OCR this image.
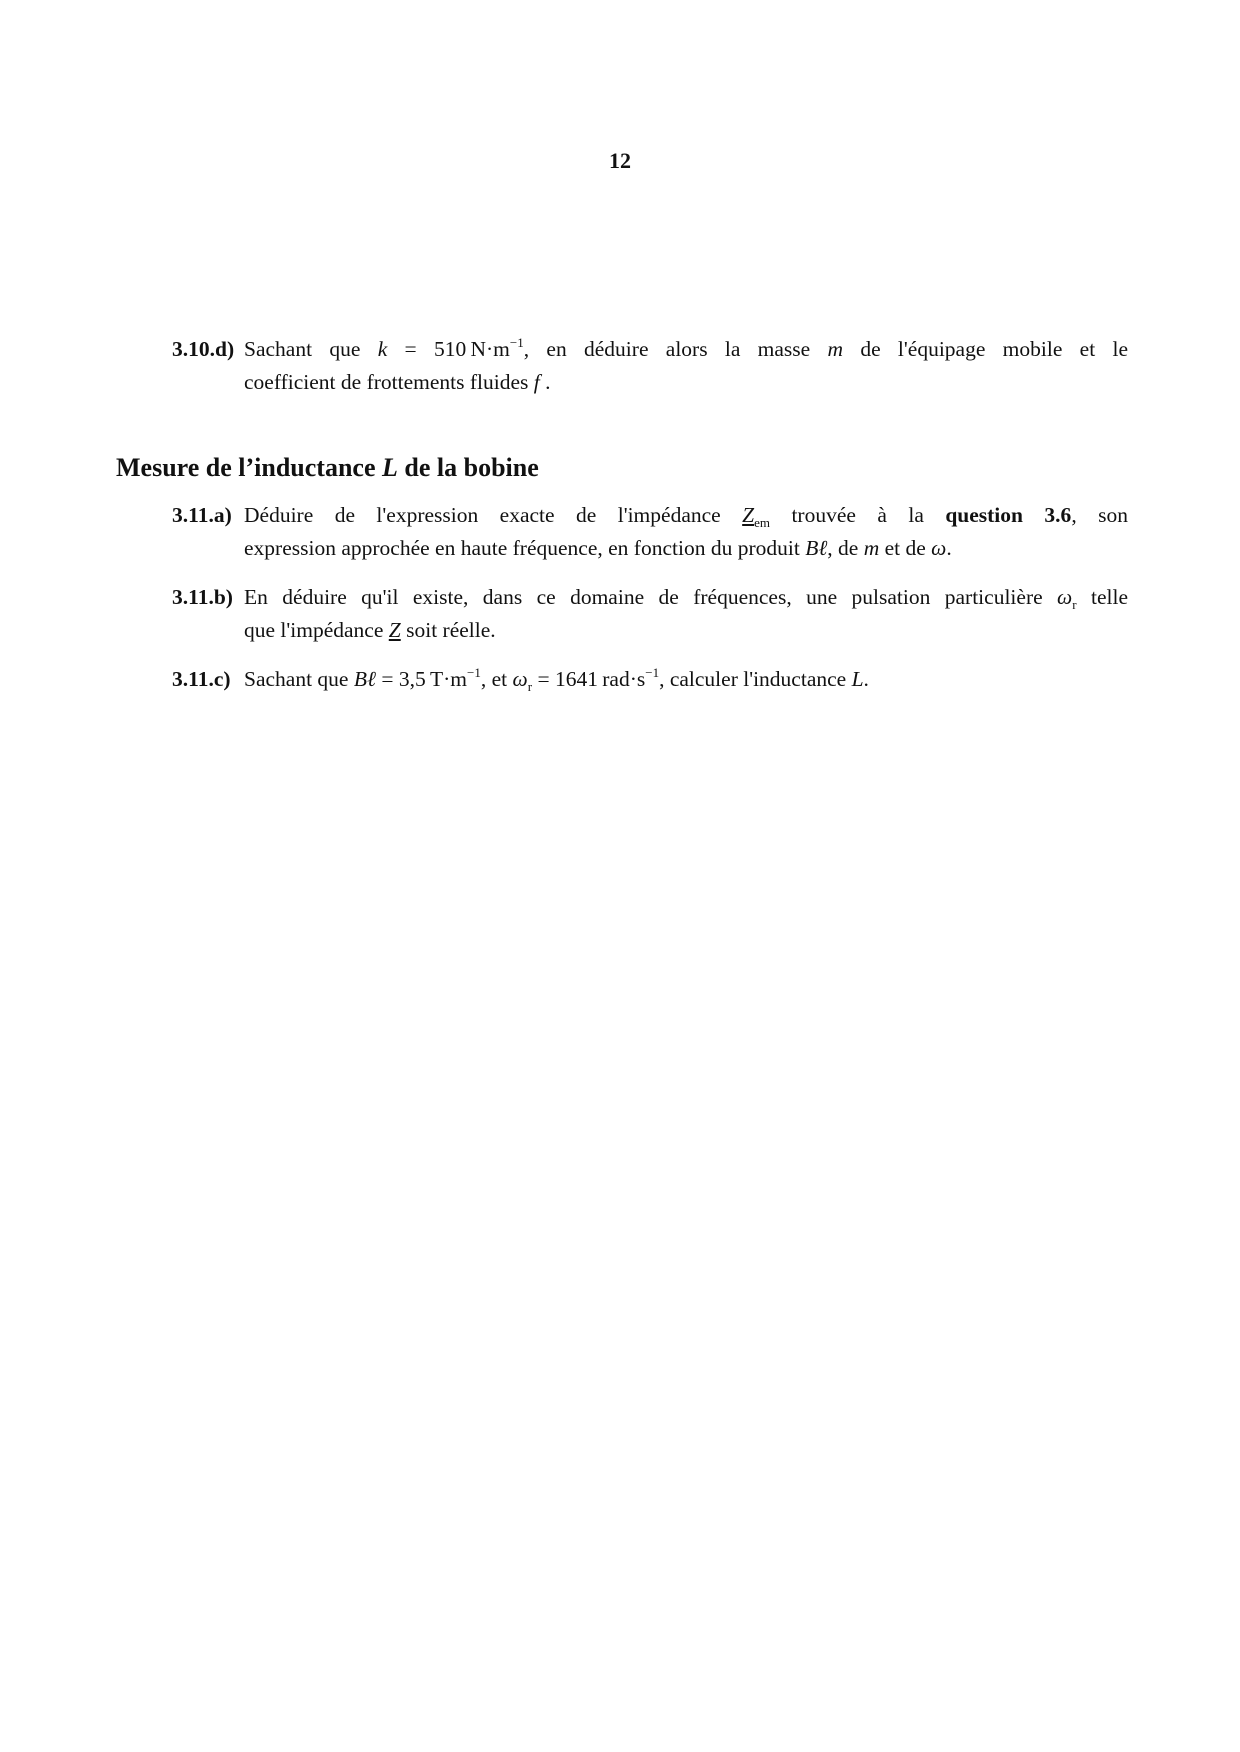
12
3.10.d) Sachant que k = 510 $N\cdot m^{-1}$, en déduire alors la masse m de l'équipage mobile et le
coefficient de frottements fluides f .
Mesure de l’inductance L de la bobine
3.11.a) Déduire de l'expression exacte de l'impédance $Z_{em}$ trouvée à la question 3.6, son
expression approchée en haute fréquence, en fonction du produit Bℓ, de m et de ω.
3.11.b) En déduire qu'il existe, dans ce domaine de fréquences, une pulsation particulière $\omega_r$ telle
que l'impédance Z soit réelle.
3.11.c) Sachant que Bℓ = 3,5 $T\cdot m^{-1}$, et $\omega_r = 1641$ $rad\cdot s^{-1}$, calculer l'inductance L.
